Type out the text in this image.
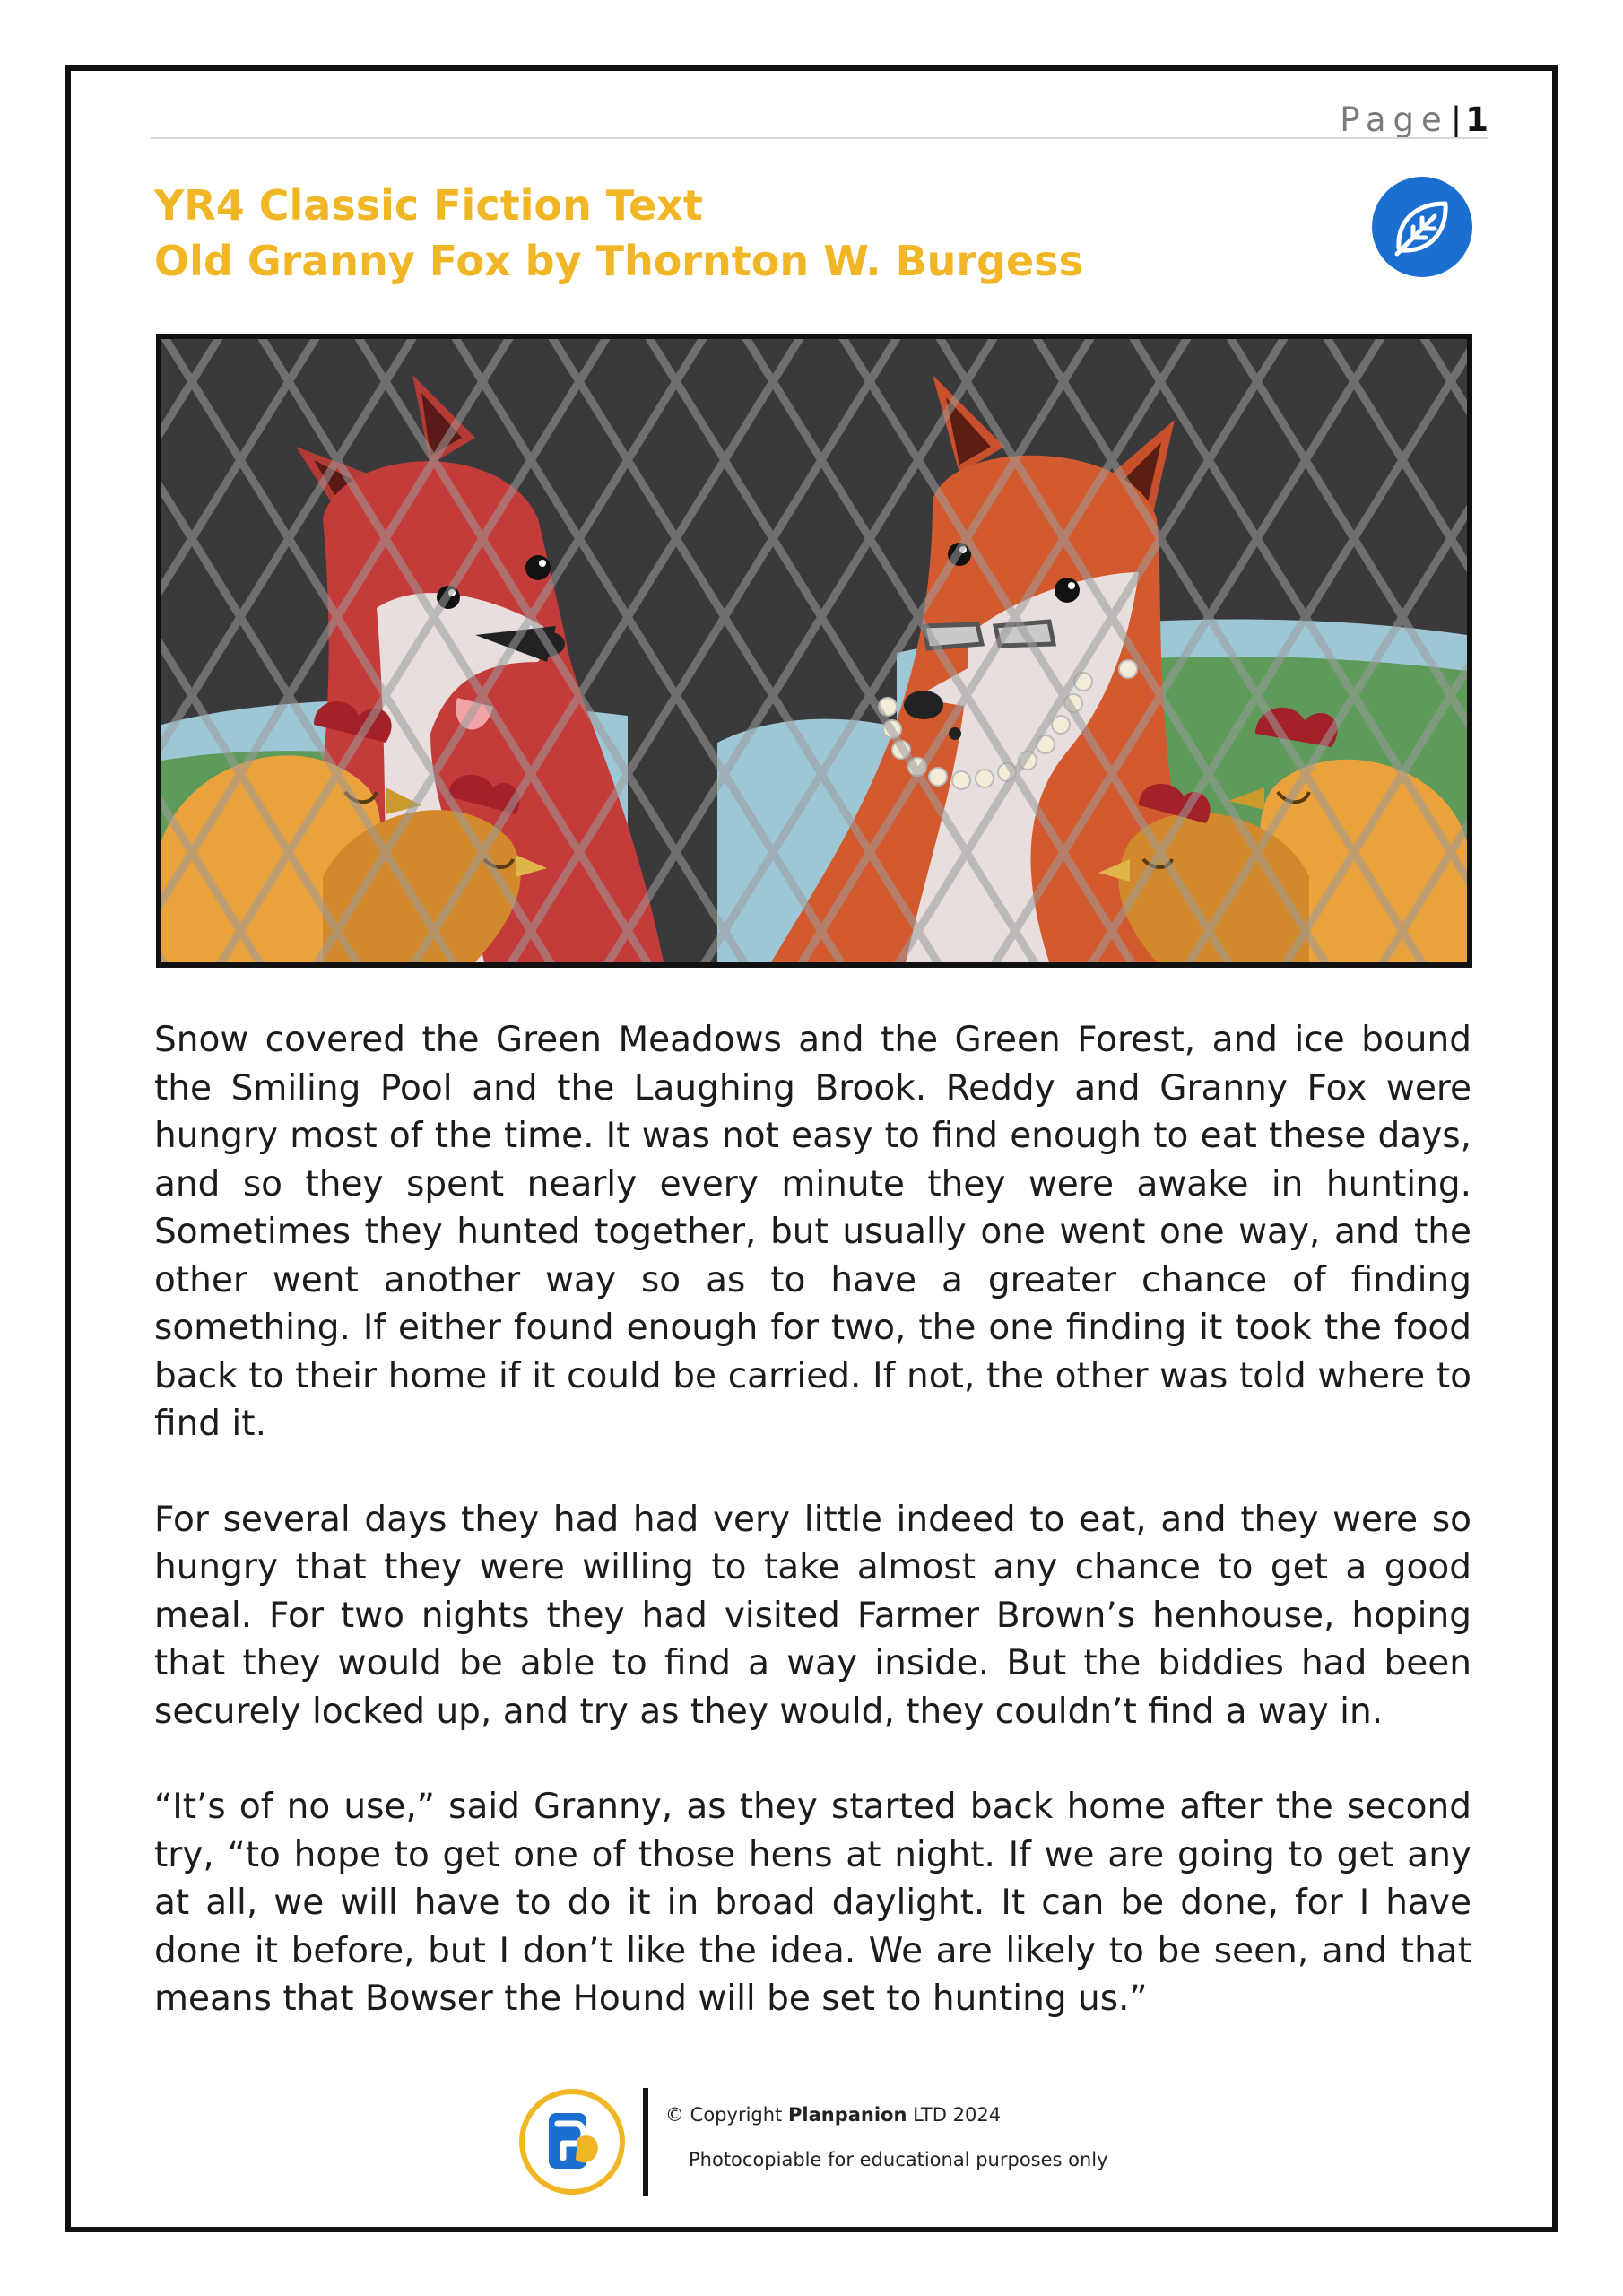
Page| 1
YR4 Classic Fiction Text
Old Granny Fox by Thornton W. Burgess

Snow covered the Green Meadows and the Green Forest, and ice bound the Smiling Pool and the Laughing Brook. Reddy and Granny Fox were hungry most of the time. It was not easy to find enough to eat these days, and so they spent nearly every minute they were awake in hunting. Sometimes they hunted together, but usually one went one way, and the other went another way so as to have a greater chance of finding something. If either found enough for two, the one finding it took the food back to their home if it could be carried. If not, the other was told where to find it.

For several days they had had very little indeed to eat, and they were so hungry that they were willing to take almost any chance to get a good meal. For two nights they had visited Farmer Brown’s henhouse, hoping that they would be able to find a way inside. But the biddies had been securely locked up, and try as they would, they couldn’t find a way in.

“It’s of no use,” said Granny, as they started back home after the second try, “to hope to get one of those hens at night. If we are going to get any at all, we will have to do it in broad daylight. It can be done, for I have done it before, but I don’t like the idea. We are likely to be seen, and that means that Bowser the Hound will be set to hunting us.”

© Copyright Planpanion LTD 2024
Photocopiable for educational purposes only
